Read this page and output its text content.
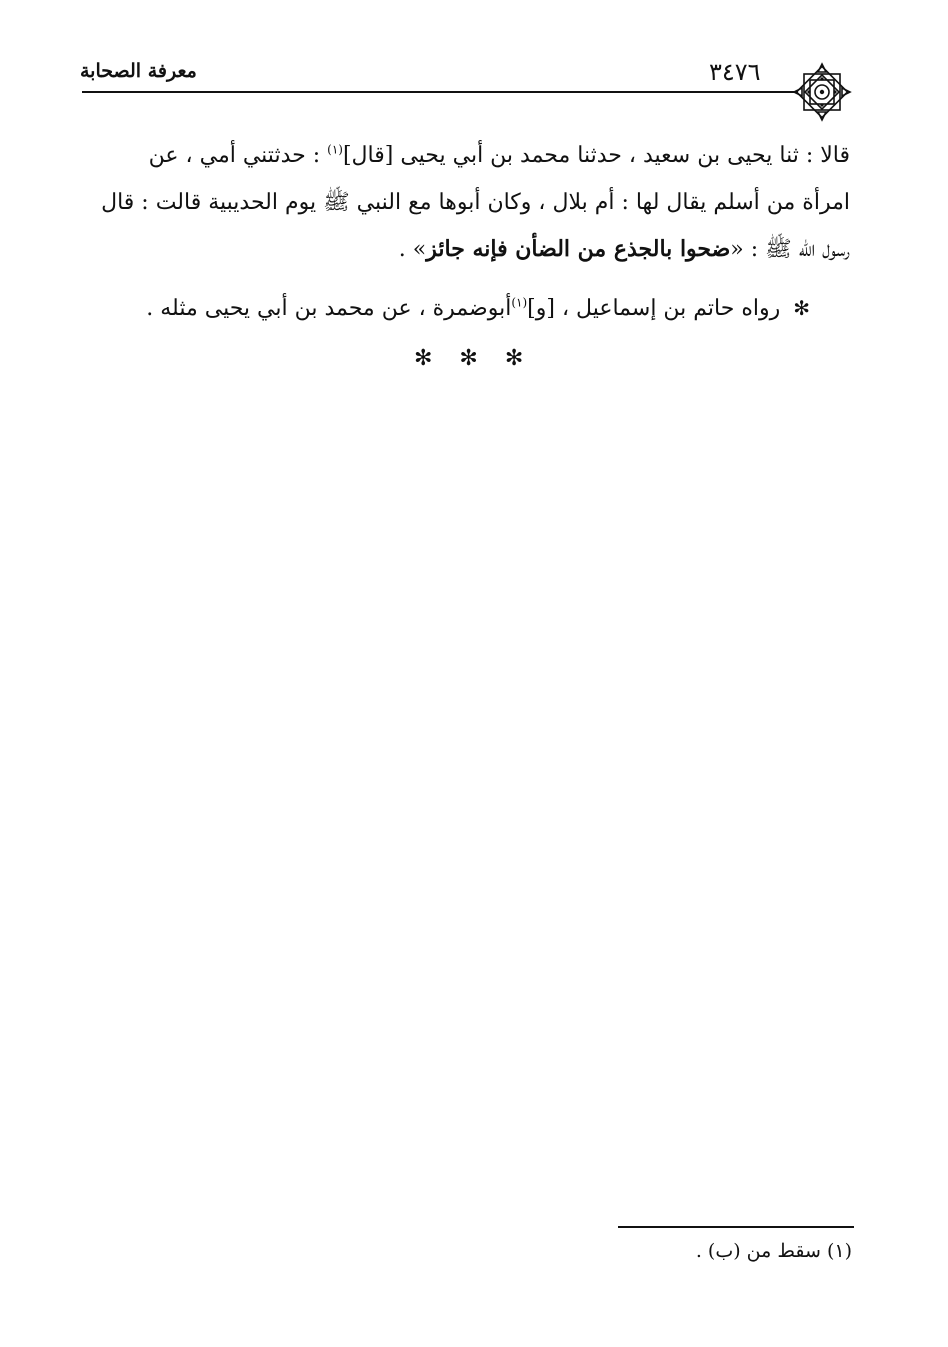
معرفة الصحابة	٣٤٧٦
قالا : ثنا يحيى بن سعيد ، حدثنا محمد بن أبي يحيى [قال]$^{(١)}$ : حدثتني أمي ، عن
امرأة من أسلم يقال لها : أم بلال ، وكان أبوها مع النبي ﷺ يوم الحديبية قالت : قال
رسول الله ﷺ : «ضحوا بالجذع من الضأن فإنه جائز» .
✻ رواه حاتم بن إسماعيل ، [و]$^{(١)}$أبوضمرة ، عن محمد بن أبي يحيى مثله .
✻ ✻ ✻
(١) سقط من (ب) .
